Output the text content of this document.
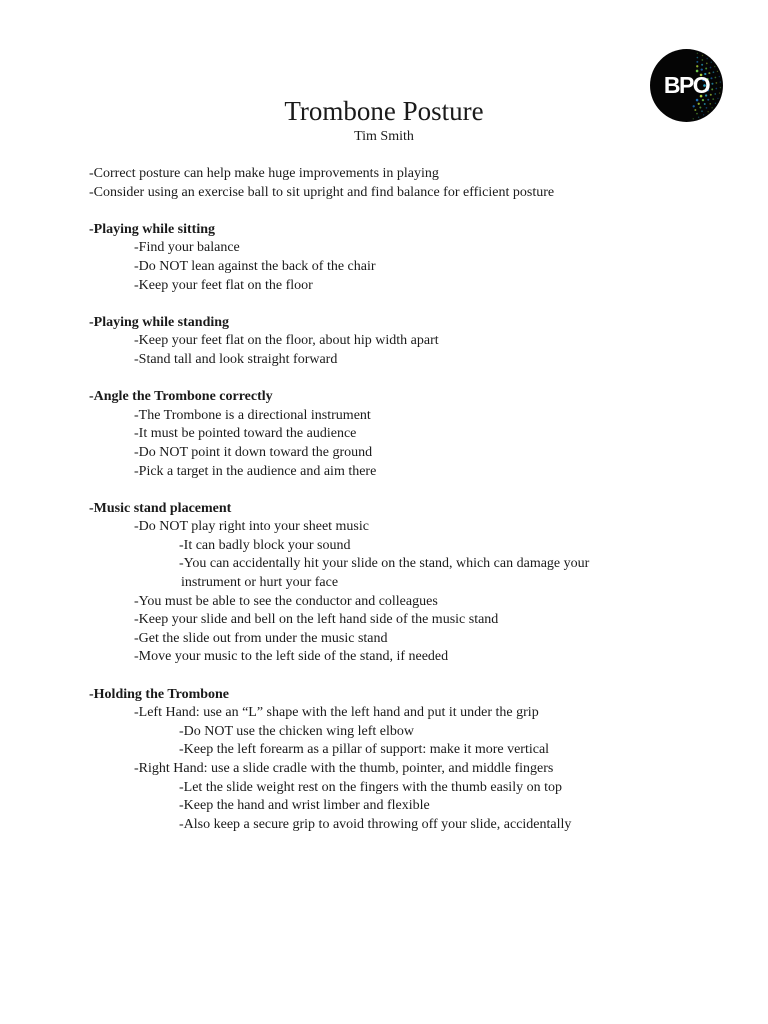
BPO
Trombone Posture
Tim Smith
-Correct posture can help make huge improvements in playing
-Consider using an exercise ball to sit upright and find balance for efficient posture
-Playing while sitting
-Find your balance
-Do NOT lean against the back of the chair
-Keep your feet flat on the floor
-Playing while standing
-Keep your feet flat on the floor, about hip width apart
-Stand tall and look straight forward
-Angle the Trombone correctly
-The Trombone is a directional instrument
-It must be pointed toward the audience
-Do NOT point it down toward the ground
-Pick a target in the audience and aim there
-Music stand placement
-Do NOT play right into your sheet music
-It can badly block your sound
-You can accidentally hit your slide on the stand, which can damage your
instrument or hurt your face
-You must be able to see the conductor and colleagues
-Keep your slide and bell on the left hand side of the music stand
-Get the slide out from under the music stand
-Move your music to the left side of the stand, if needed
-Holding the Trombone
-Left Hand: use an “L” shape with the left hand and put it under the grip
-Do NOT use the chicken wing left elbow
-Keep the left forearm as a pillar of support: make it more vertical
-Right Hand: use a slide cradle with the thumb, pointer, and middle fingers
-Let the slide weight rest on the fingers with the thumb easily on top
-Keep the hand and wrist limber and flexible
-Also keep a secure grip to avoid throwing off your slide, accidentally
